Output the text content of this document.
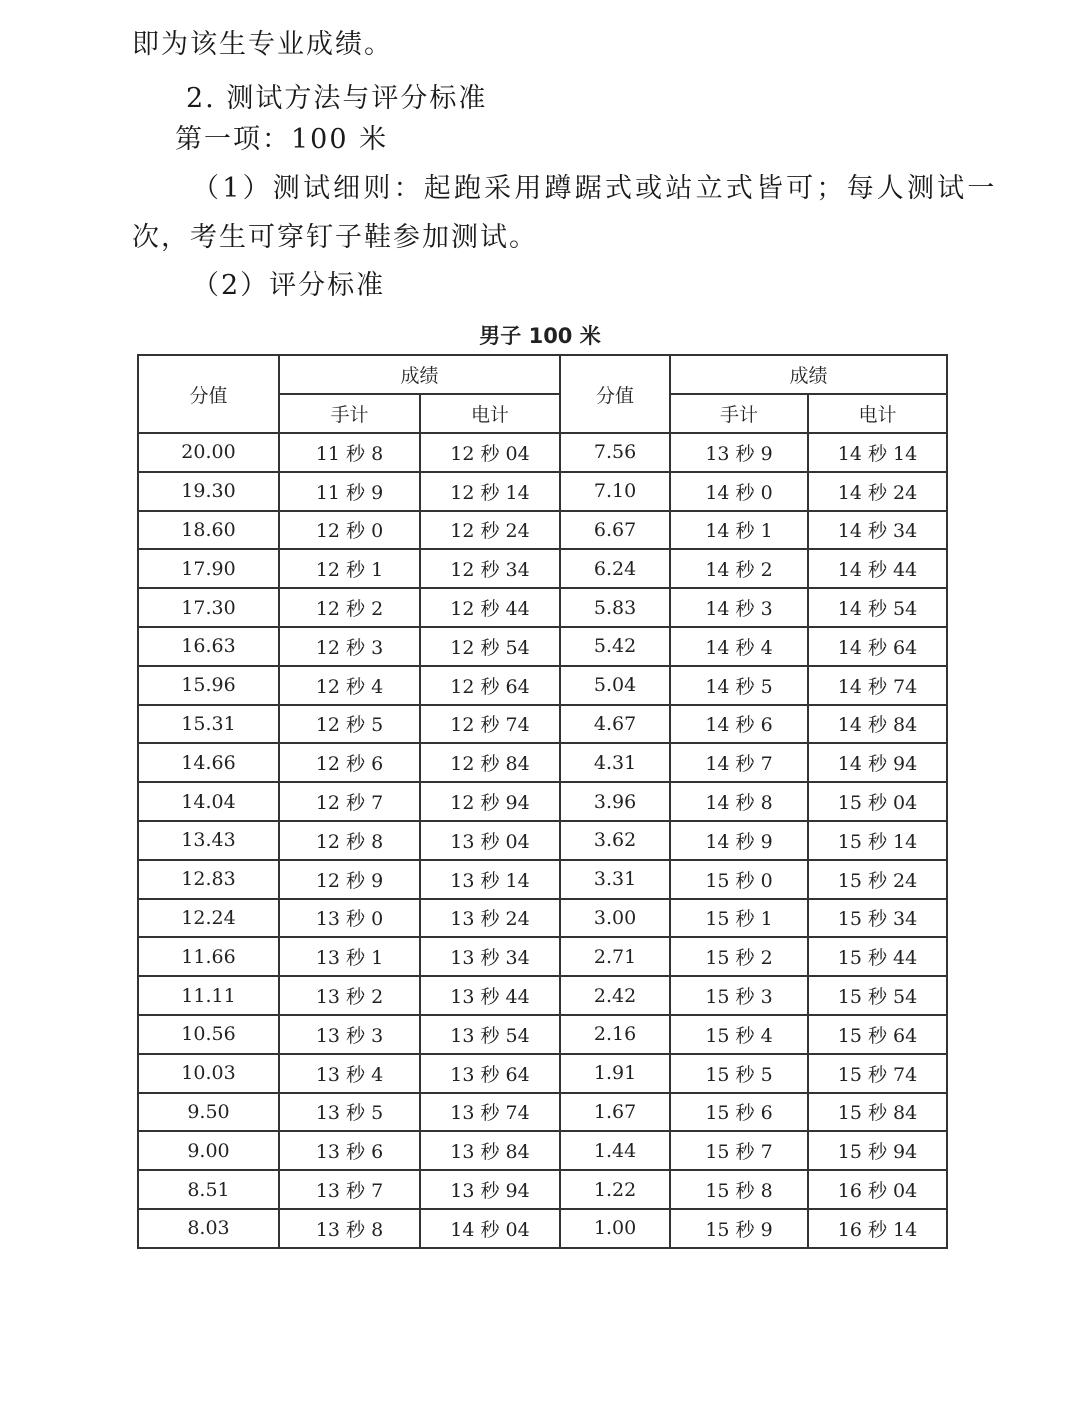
即为该生专业成绩。
2. 测试方法与评分标准
第一项：100 米
（1）测试细则：起跑采用蹲踞式或站立式皆可；每人测试一
次，考生可穿钉子鞋参加测试。
（2）评分标准
男子 100 米
分值	成绩		分值	成绩	
	手计	电计		手计	电计
20.00	11 秒 8	12 秒 04	7.56	13 秒 9	14 秒 14
19.30	11 秒 9	12 秒 14	7.10	14 秒 0	14 秒 24
18.60	12 秒 0	12 秒 24	6.67	14 秒 1	14 秒 34
17.90	12 秒 1	12 秒 34	6.24	14 秒 2	14 秒 44
17.30	12 秒 2	12 秒 44	5.83	14 秒 3	14 秒 54
16.63	12 秒 3	12 秒 54	5.42	14 秒 4	14 秒 64
15.96	12 秒 4	12 秒 64	5.04	14 秒 5	14 秒 74
15.31	12 秒 5	12 秒 74	4.67	14 秒 6	14 秒 84
14.66	12 秒 6	12 秒 84	4.31	14 秒 7	14 秒 94
14.04	12 秒 7	12 秒 94	3.96	14 秒 8	15 秒 04
13.43	12 秒 8	13 秒 04	3.62	14 秒 9	15 秒 14
12.83	12 秒 9	13 秒 14	3.31	15 秒 0	15 秒 24
12.24	13 秒 0	13 秒 24	3.00	15 秒 1	15 秒 34
11.66	13 秒 1	13 秒 34	2.71	15 秒 2	15 秒 44
11.11	13 秒 2	13 秒 44	2.42	15 秒 3	15 秒 54
10.56	13 秒 3	13 秒 54	2.16	15 秒 4	15 秒 64
10.03	13 秒 4	13 秒 64	1.91	15 秒 5	15 秒 74
9.50	13 秒 5	13 秒 74	1.67	15 秒 6	15 秒 84
9.00	13 秒 6	13 秒 84	1.44	15 秒 7	15 秒 94
8.51	13 秒 7	13 秒 94	1.22	15 秒 8	16 秒 04
8.03	13 秒 8	14 秒 04	1.00	15 秒 9	16 秒 14
